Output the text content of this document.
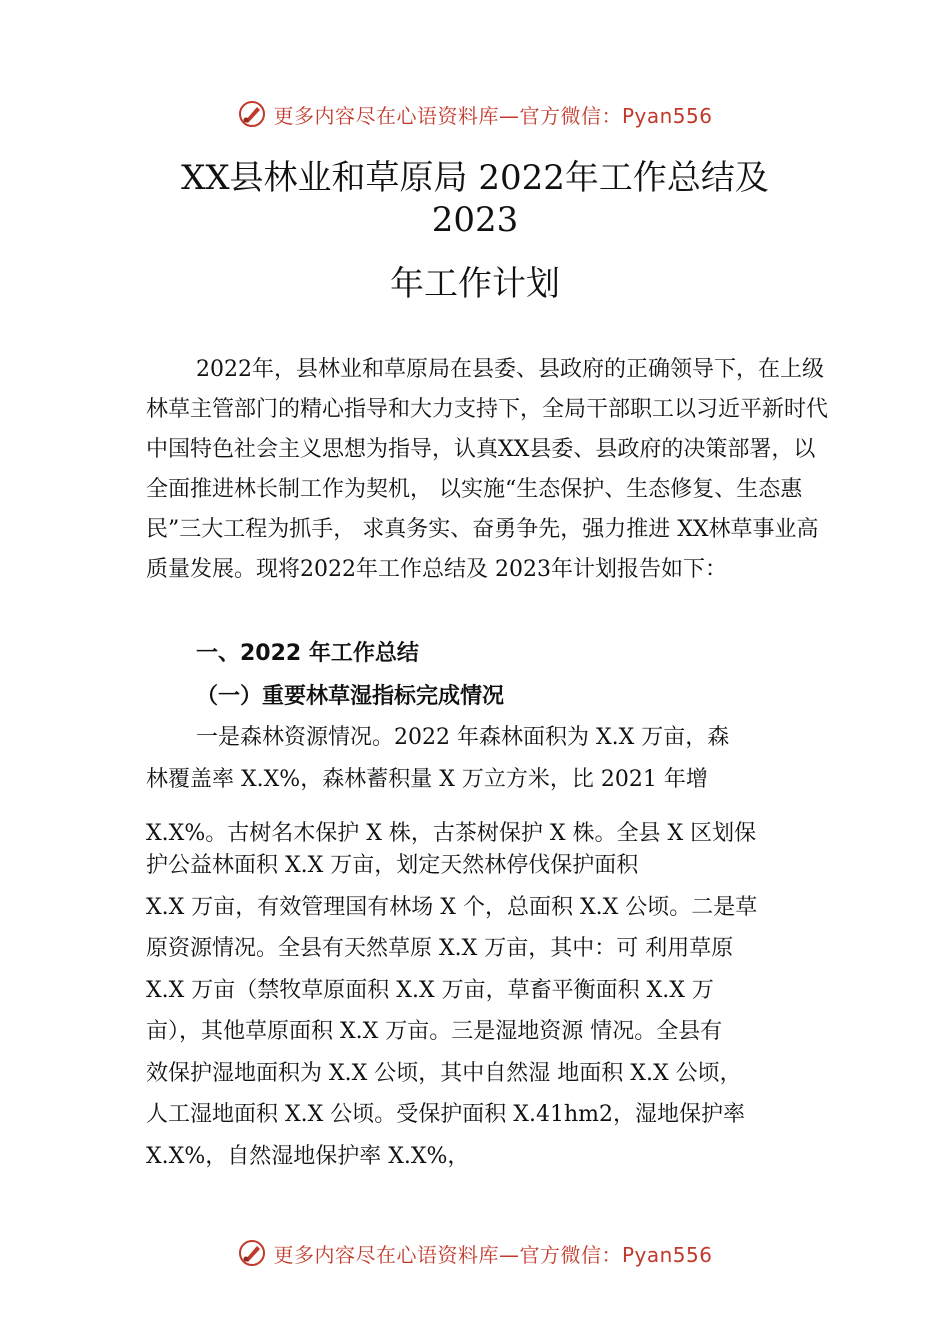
更多内容尽在心语资料库—官方微信：Pyan556
XX县林业和草原局 2022年工作总结及
2023
年工作计划

2022年，县林业和草原局在县委、县政府的正确领导下，在上级林草主管部门的精心指导和大力支持下，全局干部职工以习近平新时代中国特色社会主义思想为指导，认真XX县委、县政府的决策部署，以全面推进林长制工作为契机， 以实施“生态保护、生态修复、生态惠民”三大工程为抓手， 求真务实、奋勇争先，强力推进 XX林草事业高质量发展。现将2022年工作总结及 2023年计划报告如下：

一、2022 年工作总结
（一）重要林草湿指标完成情况
一是森林资源情况。2022 年森林面积为 X.X 万亩，森
林覆盖率 X.X%，森林蓄积量 X 万立方米，比 2021 年增
X.X%。古树名木保护 X 株，古茶树保护 X 株。全县 X 区划保
护公益林面积 X.X 万亩，划定天然林停伐保护面积
X.X 万亩，有效管理国有林场 X 个，总面积 X.X 公顷。二是草
原资源情况。全县有天然草原 X.X 万亩，其中：可 利用草原
X.X 万亩（禁牧草原面积 X.X 万亩，草畜平衡面积 X.X 万
亩），其他草原面积 X.X 万亩。三是湿地资源 情况。全县有
效保护湿地面积为 X.X 公顷，其中自然湿 地面积 X.X 公顷，
人工湿地面积 X.X 公顷。受保护面积 X.41hm2，湿地保护率
X.X%，自然湿地保护率 X.X%，
更多内容尽在心语资料库—官方微信：Pyan556
